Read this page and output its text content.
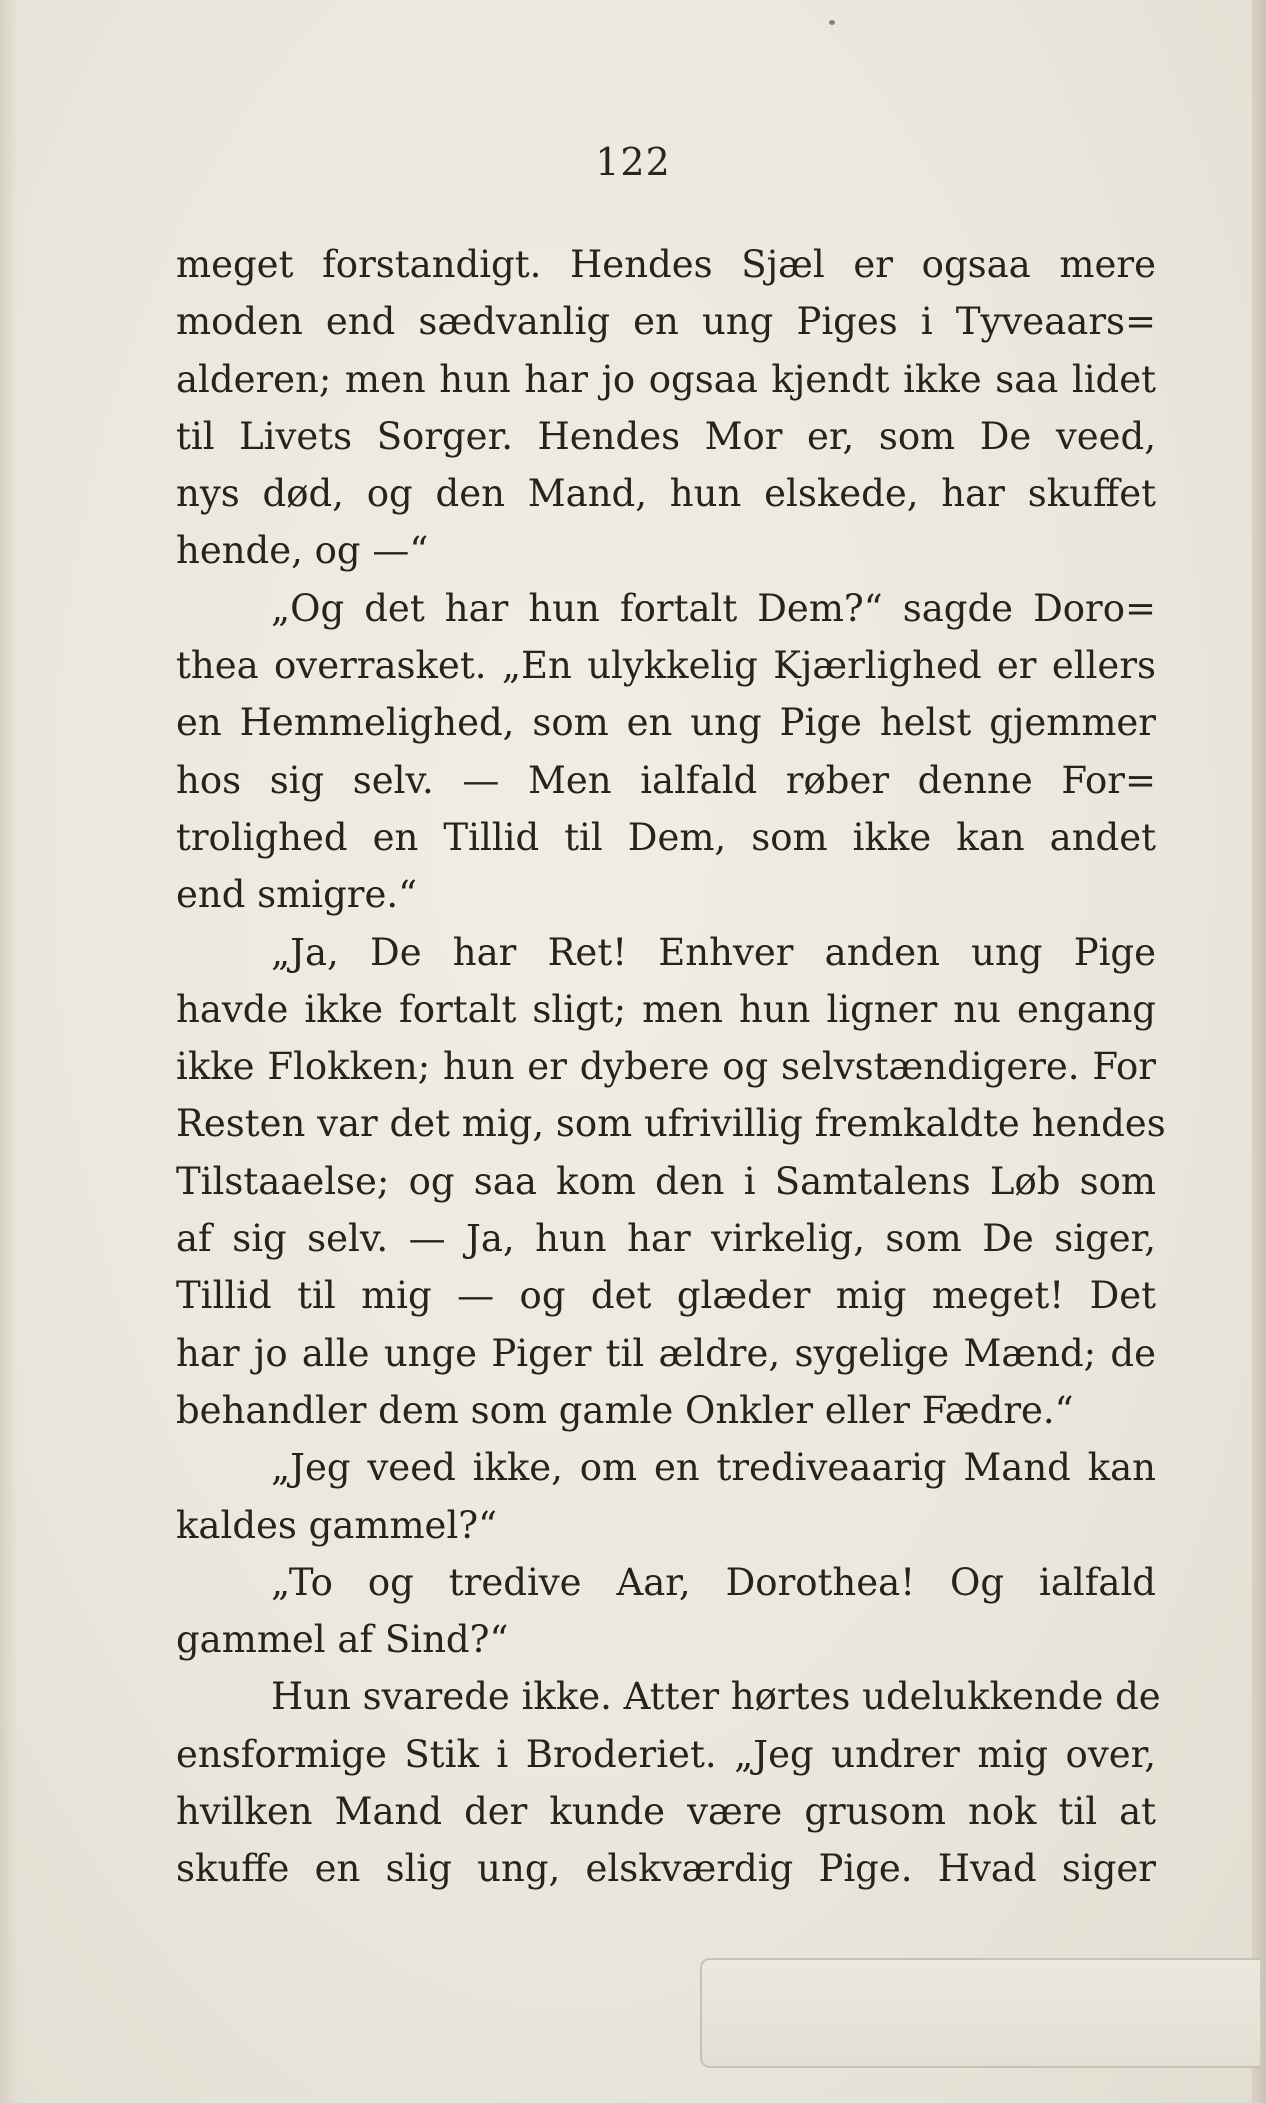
122
meget forstandigt. Hendes Sjæl er ogsaa mere
moden end sædvanlig en ung Piges i Tyveaars=
alderen; men hun har jo ogsaa kjendt ikke saa lidet
til Livets Sorger. Hendes Mor er, som De veed,
nys død, og den Mand, hun elskede, har skuffet
hende, og —“
„Og det har hun fortalt Dem?“ sagde Doro=
thea overrasket. „En ulykkelig Kjærlighed er ellers
en Hemmelighed, som en ung Pige helst gjemmer
hos sig selv. — Men ialfald røber denne For=
trolighed en Tillid til Dem, som ikke kan andet
end smigre.“
„Ja, De har Ret! Enhver anden ung Pige
havde ikke fortalt sligt; men hun ligner nu engang
ikke Flokken; hun er dybere og selvstændigere. For
Resten var det mig, som ufrivillig fremkaldte hendes
Tilstaaelse; og saa kom den i Samtalens Løb som
af sig selv. — Ja, hun har virkelig, som De siger,
Tillid til mig — og det glæder mig meget! Det
har jo alle unge Piger til ældre, sygelige Mænd; de
behandler dem som gamle Onkler eller Fædre.“
„Jeg veed ikke, om en trediveaarig Mand kan
kaldes gammel?“
„To og tredive Aar, Dorothea! Og ialfald
gammel af Sind?“
Hun svarede ikke. Atter hørtes udelukkende de
ensformige Stik i Broderiet. „Jeg undrer mig over,
hvilken Mand der kunde være grusom nok til at
skuffe en slig ung, elskværdig Pige. Hvad siger
